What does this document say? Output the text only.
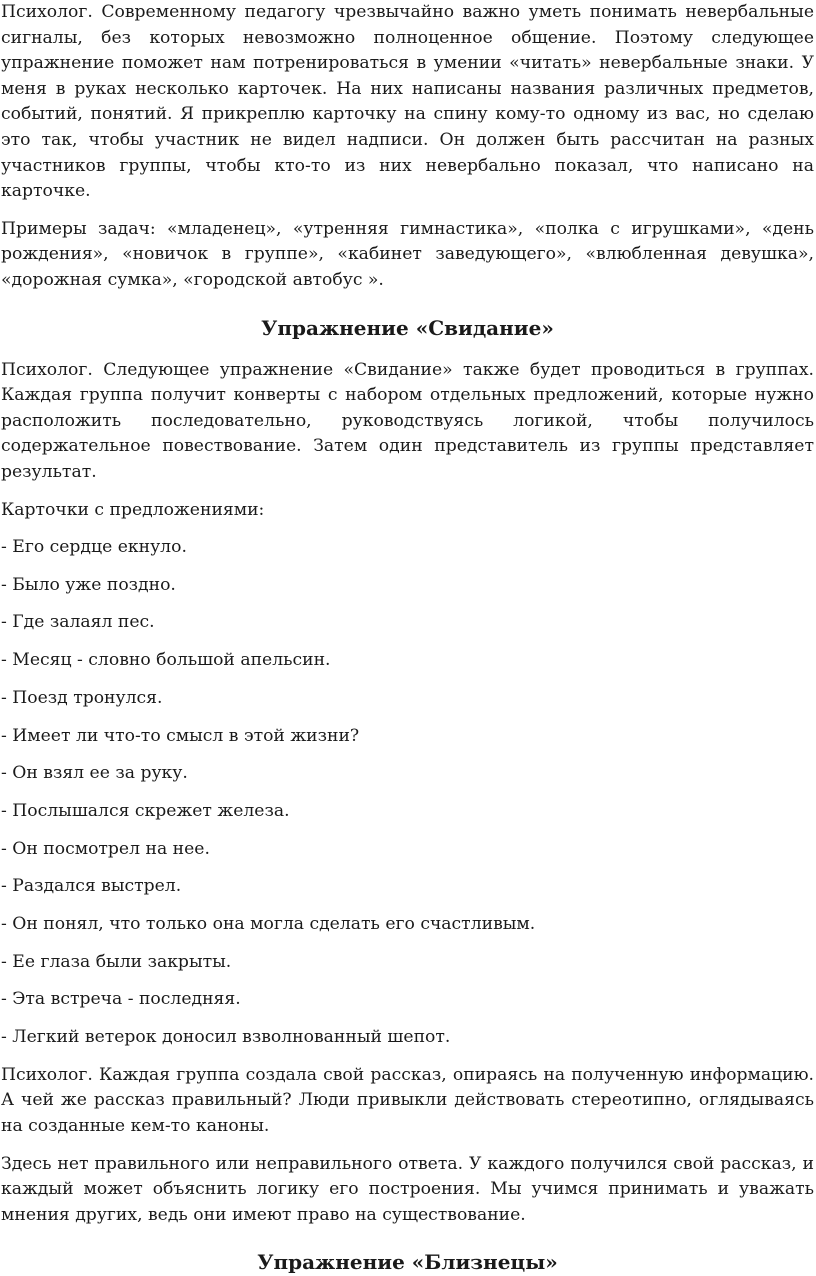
Психолог. Современному педагогу чрезвычайно важно уметь понимать невербальные сигналы, без которых невозможно полноценное общение. Поэтому следующее упражнение поможет нам потренироваться в умении «читать» невербальные знаки. У меня в руках несколько карточек. На них написаны названия различных предметов, событий, понятий. Я прикреплю карточку на спину кому-то одному из вас, но сделаю это так, чтобы участник не видел надписи. Он должен быть рассчитан на разных участников группы, чтобы кто-то из них невербально показал, что написано на карточке.

Примеры задач: «младенец», «утренняя гимнастика», «полка с игрушками», «день рождения», «новичок в группе», «кабинет заведующего», «влюбленная девушка», «дорожная сумка», «городской автобус ».

Упражнение «Свидание»

Психолог. Следующее упражнение «Свидание» также будет проводиться в группах. Каждая группа получит конверты с набором отдельных предложений, которые нужно расположить последовательно, руководствуясь логикой, чтобы получилось содержательное повествование. Затем один представитель из группы представляет результат.

Карточки с предложениями:

- Его сердце екнуло.
- Было уже поздно.
- Где залаял пес.
- Месяц - словно большой апельсин.
- Поезд тронулся.
- Имеет ли что-то смысл в этой жизни?
- Он взял ее за руку.
- Послышался скрежет железа.
- Он посмотрел на нее.
- Раздался выстрел.
- Он понял, что только она могла сделать его счастливым.
- Ее глаза были закрыты.
- Эта встреча - последняя.
- Легкий ветерок доносил взволнованный шепот.

Психолог. Каждая группа создала свой рассказ, опираясь на полученную информацию. А чей же рассказ правильный? Люди привыкли действовать стереотипно, оглядываясь на созданные кем-то каноны.

Здесь нет правильного или неправильного ответа. У каждого получился свой рассказ, и каждый может объяснить логику его построения. Мы учимся принимать и уважать мнения других, ведь они имеют право на существование.

Упражнение «Близнецы»
